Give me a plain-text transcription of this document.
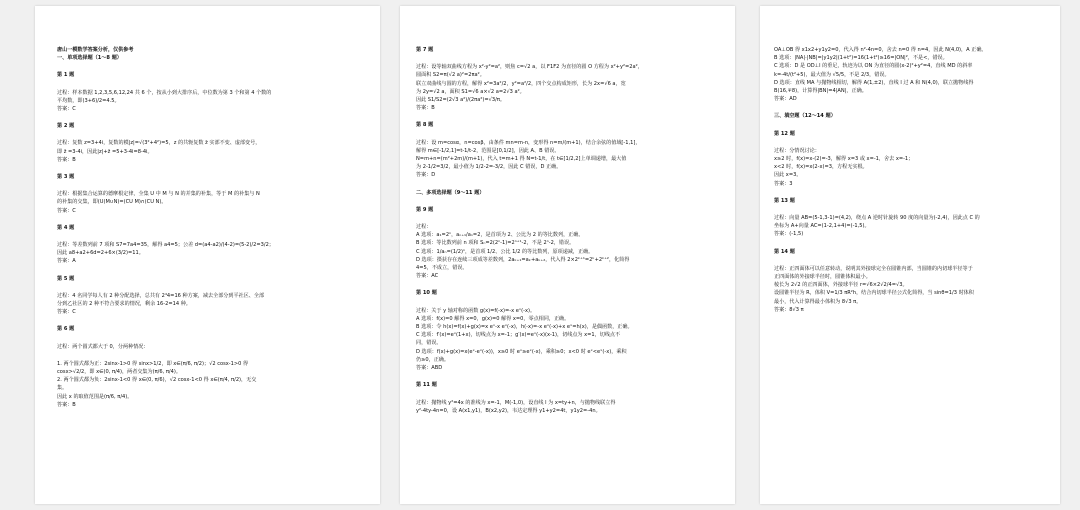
唐山一模数学答案分析，仅供参考
一、单项选择题（1～8 题）
第 1 题
过程：样本数据 1,2,3,5,6,12,24 共 6 个，按从小到大排序后，中位数为第 3 个和第 4 个数的
平均数，即(3+6)/2=4.5。
答案：C
第 2 题
过程：复数 z=3+4i，复数的模|z|=√(3²+4²)=5，z 的共轭复数 z̄ 实部不变、虚部变号，
即 z̄ =3-4i，因此|z|+z̄ =5+3-4i=8-4i。
答案：B
第 3 题
过程：根据集合运算的德摩根定律，全集 U 中 M 与 N 的并集的补集，等于 M 的补集与 N
的补集的交集，即(U(M∪N)=(CU M)∩(CU N)。
答案：C
第 4 题
过程：等差数列前 7 项和 S7=7a4=35，解得 a4=5；公差 d=(a4-a2)/(4-2)=(5-2)/2=3/2；
因此 a8+a2+6d=2+6×(3/2)=11。
答案：A
第 5 题
过程：4 名同学每人有 2 种分配选择，总共有 2⁴4=16 种方案，减去全部分到平社区、全部
分到乙社区的 2 种不符合要求的情况，剩余 16-2=14 种。
答案：C
第 6 题
过程：两个圆式都大于 0，分两种情况：
1. 两个圆式都为正：2sinx-1>0 得 sinx>1/2，即 x∈(π/6, π/2)；√2 cosx-1>0 得
cosx>√2/2，即 x∈(0, π/4)，两者交集为(π/6, π/4)。
2. 两个圆式都为负：2sinx-1<0 得 x∈(0, π/6)，√2 cosx-1<0 得 x∈(π/4, π/2)，无交
集。
因此 x 的取值范围是(π/6, π/4)。
答案：B
第 7 题
过程：设等轴双曲线方程为 x²-y²=a²，则焦 c=√2 a，以 F1F2 为直径的圆 O 方程为 x²+y²=2a²，
圆面积 S2=π(√2 a)²=2πa²。
联立双曲线与圆的方程，解得 x²=3a²/2，y²=a²/2，四个交点构成矩形，长为 2x=√6 a，宽
为 2y=√2 a，面积 S1=√6 a×√2 a=2√3 a²。
因此 S1/S2=(2√3 a²)/(2πa²)=√3/π。
答案：B
第 8 题
过程：设 m=cosα，n=cosβ，由条件 mn=m-n，变形得 n=m/(m+1)，结合余弦的值域[-1,1]，
解得 m∈[-1/2,1]=t-1/t-2，范围是[0,1/2]，因此 A、B 错误。
N=m+n=(m²+2m)/(m+1)，代入 t=m+1 得 N=t-1/t，在 t∈[1/2,2]上单调递增，最大值
为 2-1/2=3/2，最小值为 1/2-2=-3/2，因此 C 错误，D 正确。
答案：D
二、多项选择题（9～11 题）
第 9 题
过程：
A 选项：a₁=2ⁿ，aₙ₊₁/aₙ=2，是首项为 2、公比为 2 的等比数列，正确。
B 选项：等比数列前 n 项和 Sₙ=2(2ⁿ-1)=2ⁿ⁺¹-2，不是 2ⁿ-2，错误。
C 选项：1/aₙ=(1/2)ⁿ，是首项 1/2、公比 1/2 的等比数列，原项递减，正确。
D 选项：摄获存在连续三项成等差数列，2aₖ₊₁=aₖ+aₖ₊₂，代入得 2×2ᵏ⁺¹=2ᵏ+2ᵏ⁺²，化简得
4=5，不成立，错误。
答案：AC
第 10 题
过程：关于 y 轴对称的函数 g(x)=f(-x)=-x eˣ(-x)。
A 选项：f(x)=0 解得 x=0，g(x)=0 解得 x=0，零点相同，正确。
B 选项：令 h(x)=f(x)+g(x)=x eˣ-x eˣ(-x)，h(-x)=-x eˣ(-x)+x eˣ=h(x)，是偶函数，正确。
C 选项：f′(x)=eˣ(1+x)，切线点为 x=-1；g′(x)=eˣ(-x)(x-1)，切线点为 x=1，切线点不
同，错误。
D 选项：f(x)+g(x)=x(eˣ-eˣ(-x))，x≥0 时 eˣ≥eˣ(-x)，乘积≥0；x<0 时 eˣ<eˣ(-x)，乘积
仍≥0，正确。
答案：ABD
第 11 题
过程：抛物线 y²=4x 的准线为 x=-1，M(-1,0)，设直线 l 为 x=ty+n，与抛物线联立得
y²-4ty-4n=0，设 A(x1,y1)，B(x2,y2)，韦达定理得 y1+y2=4t，y1y2=-4n。
OA⊥OB 得 x1x2+y1y2=0，代入得 n²-4n=0，舍去 n=0 得 n=4，因此 N(4,0)，A 正确。
B 选项：|NA|·|NB|=|y1y2|(1+t²)=16(1+t²)≥16=|ON|²，不是<，错误。
C 选项：D 是 OD⊥l 的垂足，轨迹为以 ON 为直径的圆(x-2)²+y²=4，直线 MD 的斜率
k=-4t/(t²+5)，最大值为 √5/5，不是 2/3，错误。
D 选项：直线 MA 与抛物线相切，解得 A(1,±2)，直线 l 过 A 和 N(4,0)，联立抛物线得
B(16,∓8)，计算得|BN|=4|AN|，正确。
答案：AD
三、填空题（12～14 题）
第 12 题
过程：分情况讨论：
x≥2 时，f(x)=x-(2)=-3，解得 x=3 或 x=-1，舍去 x=-1；
x<2 时，f(x)=x(2-x)=3，方程无实根。
因此 x=3。
答案：3
第 13 题
过程：向量 AB=(5-1,3-1)=(4,2)，绕点 A 逆时针旋转 90 度的向量为(-2,4)，因此点 C 的
坐标为 A+向量 AC=(1-2,1+4)=(-1,5)。
答案：(-1,5)
第 14 题
过程：正四面体可以任意转动，说明其外接球完全在圆锥内部，当圆锥的内切球半径等于
正四面体的外接球半径时，圆锥体积最小。
棱长为 2√2 的正四面体，外接球半径 r=√6×2√2/4=√3。
设圆锥半径为 R，体积 V=1/3 πR²h，结合内切球半径公式化简得，当 sinθ=1/3 时体积
最小，代入计算得最小体积为 8√3 π。
答案：8√3 π
